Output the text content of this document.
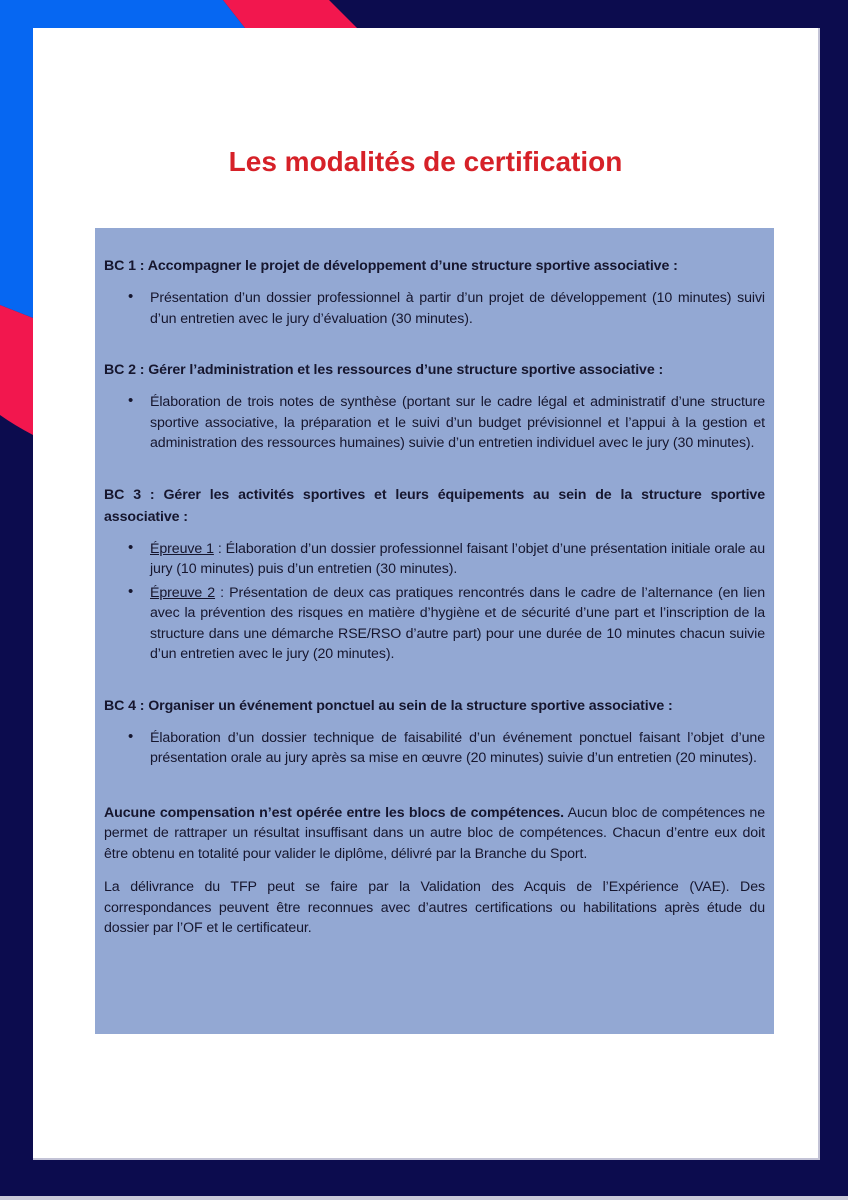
Les modalités de certification

BC 1 : Accompagner le projet de développement d’une structure sportive associative :

• Présentation d’un dossier professionnel à partir d’un projet de développement (10 minutes) suivi d’un entretien avec le jury d’évaluation (30 minutes).

BC 2 : Gérer l’administration et les ressources d’une structure sportive associative :

• Élaboration de trois notes de synthèse (portant sur le cadre légal et administratif d’une structure sportive associative, la préparation et le suivi d’un budget prévisionnel et l’appui à la gestion et administration des ressources humaines) suivie d’un entretien individuel avec le jury (30 minutes).

BC 3 : Gérer les activités sportives et leurs équipements au sein de la structure sportive associative :

• Épreuve 1 : Élaboration d’un dossier professionnel faisant l’objet d’une présentation initiale orale au jury (10 minutes) puis d’un entretien (30 minutes).
• Épreuve 2 : Présentation de deux cas pratiques rencontrés dans le cadre de l’alternance (en lien avec la prévention des risques en matière d’hygiène et de sécurité d’une part et l’inscription de la structure dans une démarche RSE/RSO d’autre part) pour une durée de 10 minutes chacun suivie d’un entretien avec le jury (20 minutes).

BC 4 : Organiser un événement ponctuel au sein de la structure sportive associative :

• Élaboration d’un dossier technique de faisabilité d’un événement ponctuel faisant l’objet d’une présentation orale au jury après sa mise en œuvre (20 minutes) suivie d’un entretien (20 minutes).

Aucune compensation n’est opérée entre les blocs de compétences. Aucun bloc de compétences ne permet de rattraper un résultat insuffisant dans un autre bloc de compétences. Chacun d’entre eux doit être obtenu en totalité pour valider le diplôme, délivré par la Branche du Sport.

La délivrance du TFP peut se faire par la Validation des Acquis de l’Expérience (VAE). Des correspondances peuvent être reconnues avec d’autres certifications ou habilitations après étude du dossier par l’OF et le certificateur.
